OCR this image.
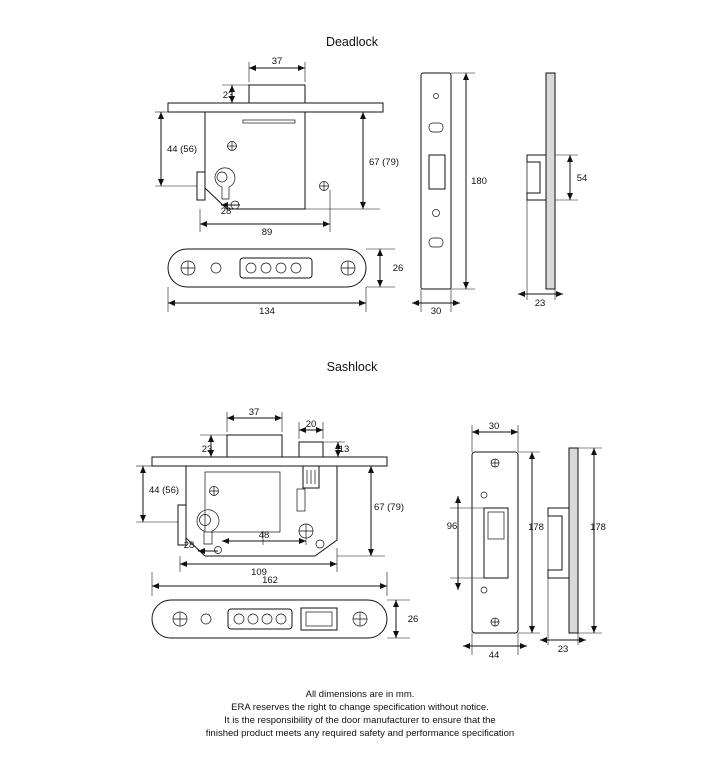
Deadlock
37
23
44 (56)
67 (79)
28
89
26
134
180
30
54
23
Sashlock
37
23
20
13
44 (56)
67 (79)
28
48
109
162
26
30
96	178
44
178
23
All dimensions are in mm.
ERA reserves the right to change specification without notice.
It is the responsibility of the door manufacturer to ensure that the
finished product meets any required safety and performance specification
